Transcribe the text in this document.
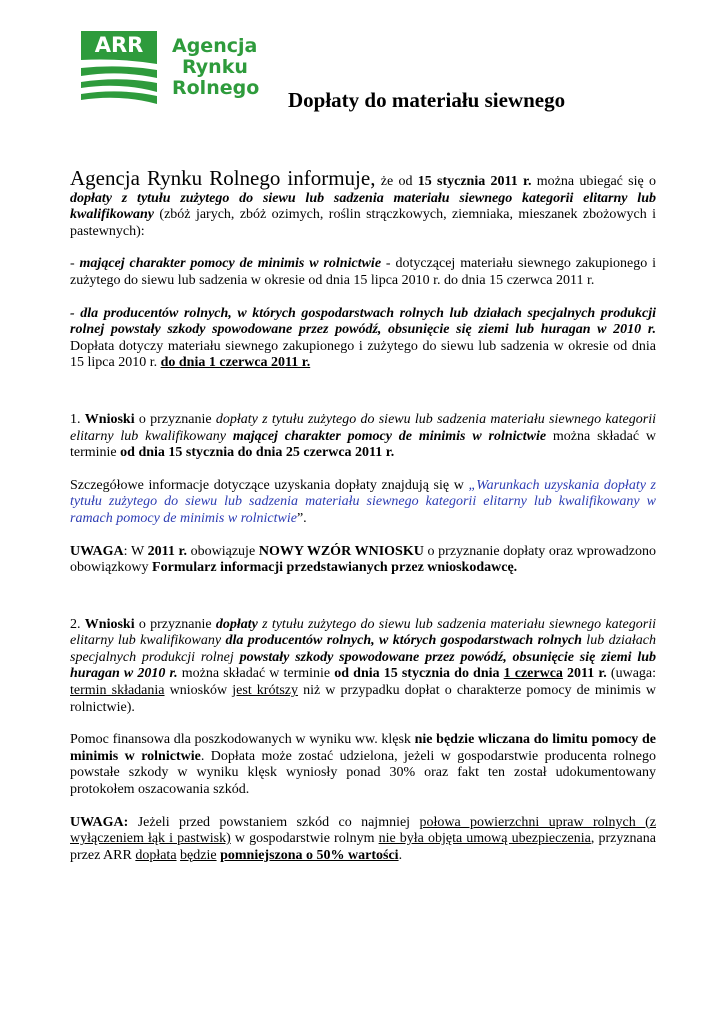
ARR Agencja
Rynku
Rolnego	Dopłaty do materiału siewnego

Agencja Rynku Rolnego informuje, że od 15 stycznia 2011 r. można ubiegać się o dopłaty z tytułu zużytego do siewu lub sadzenia materiału siewnego kategorii elitarny lub kwalifikowany (zbóż jarych, zbóż ozimych, roślin strączkowych, ziemniaka, mieszanek zbożowych i pastewnych):

- mającej charakter pomocy de minimis w rolnictwie - dotyczącej materiału siewnego zakupionego i zużytego do siewu lub sadzenia w okresie od dnia 15 lipca 2010 r. do dnia 15 czerwca 2011 r.

- dla producentów rolnych, w których gospodarstwach rolnych lub działach specjalnych produkcji rolnej powstały szkody spowodowane przez powódź, obsunięcie się ziemi lub huragan w 2010 r. Dopłata dotyczy materiału siewnego zakupionego i zużytego do siewu lub sadzenia w okresie od dnia 15 lipca 2010 r. do dnia 1 czerwca 2011 r.

1. Wnioski o przyznanie dopłaty z tytułu zużytego do siewu lub sadzenia materiału siewnego kategorii elitarny lub kwalifikowany mającej charakter pomocy de minimis w rolnictwie można składać w terminie od dnia 15 stycznia do dnia 25 czerwca 2011 r.

Szczegółowe informacje dotyczące uzyskania dopłaty znajdują się w „Warunkach uzyskania dopłaty z tytułu zużytego do siewu lub sadzenia materiału siewnego kategorii elitarny lub kwalifikowany w ramach pomocy de minimis w rolnictwie”.

UWAGA: W 2011 r. obowiązuje NOWY WZÓR WNIOSKU o przyznanie dopłaty oraz wprowadzono obowiązkowy Formularz informacji przedstawianych przez wnioskodawcę.

2. Wnioski o przyznanie dopłaty z tytułu zużytego do siewu lub sadzenia materiału siewnego kategorii elitarny lub kwalifikowany dla producentów rolnych, w których gospodarstwach rolnych lub działach specjalnych produkcji rolnej powstały szkody spowodowane przez powódź, obsunięcie się ziemi lub huragan w 2010 r. można składać w terminie od dnia 15 stycznia do dnia 1 czerwca 2011 r. (uwaga: termin składania wniosków jest krótszy niż w przypadku dopłat o charakterze pomocy de minimis w rolnictwie).

Pomoc finansowa dla poszkodowanych w wyniku ww. klęsk nie będzie wliczana do limitu pomocy de minimis w rolnictwie. Dopłata może zostać udzielona, jeżeli w gospodarstwie producenta rolnego powstałe szkody w wyniku klęsk wyniosły ponad 30% oraz fakt ten został udokumentowany protokołem oszacowania szkód.

UWAGA: Jeżeli przed powstaniem szkód co najmniej połowa powierzchni upraw rolnych (z wyłączeniem łąk i pastwisk) w gospodarstwie rolnym nie była objęta umową ubezpieczenia, przyznana przez ARR dopłata będzie pomniejszona o 50% wartości.
